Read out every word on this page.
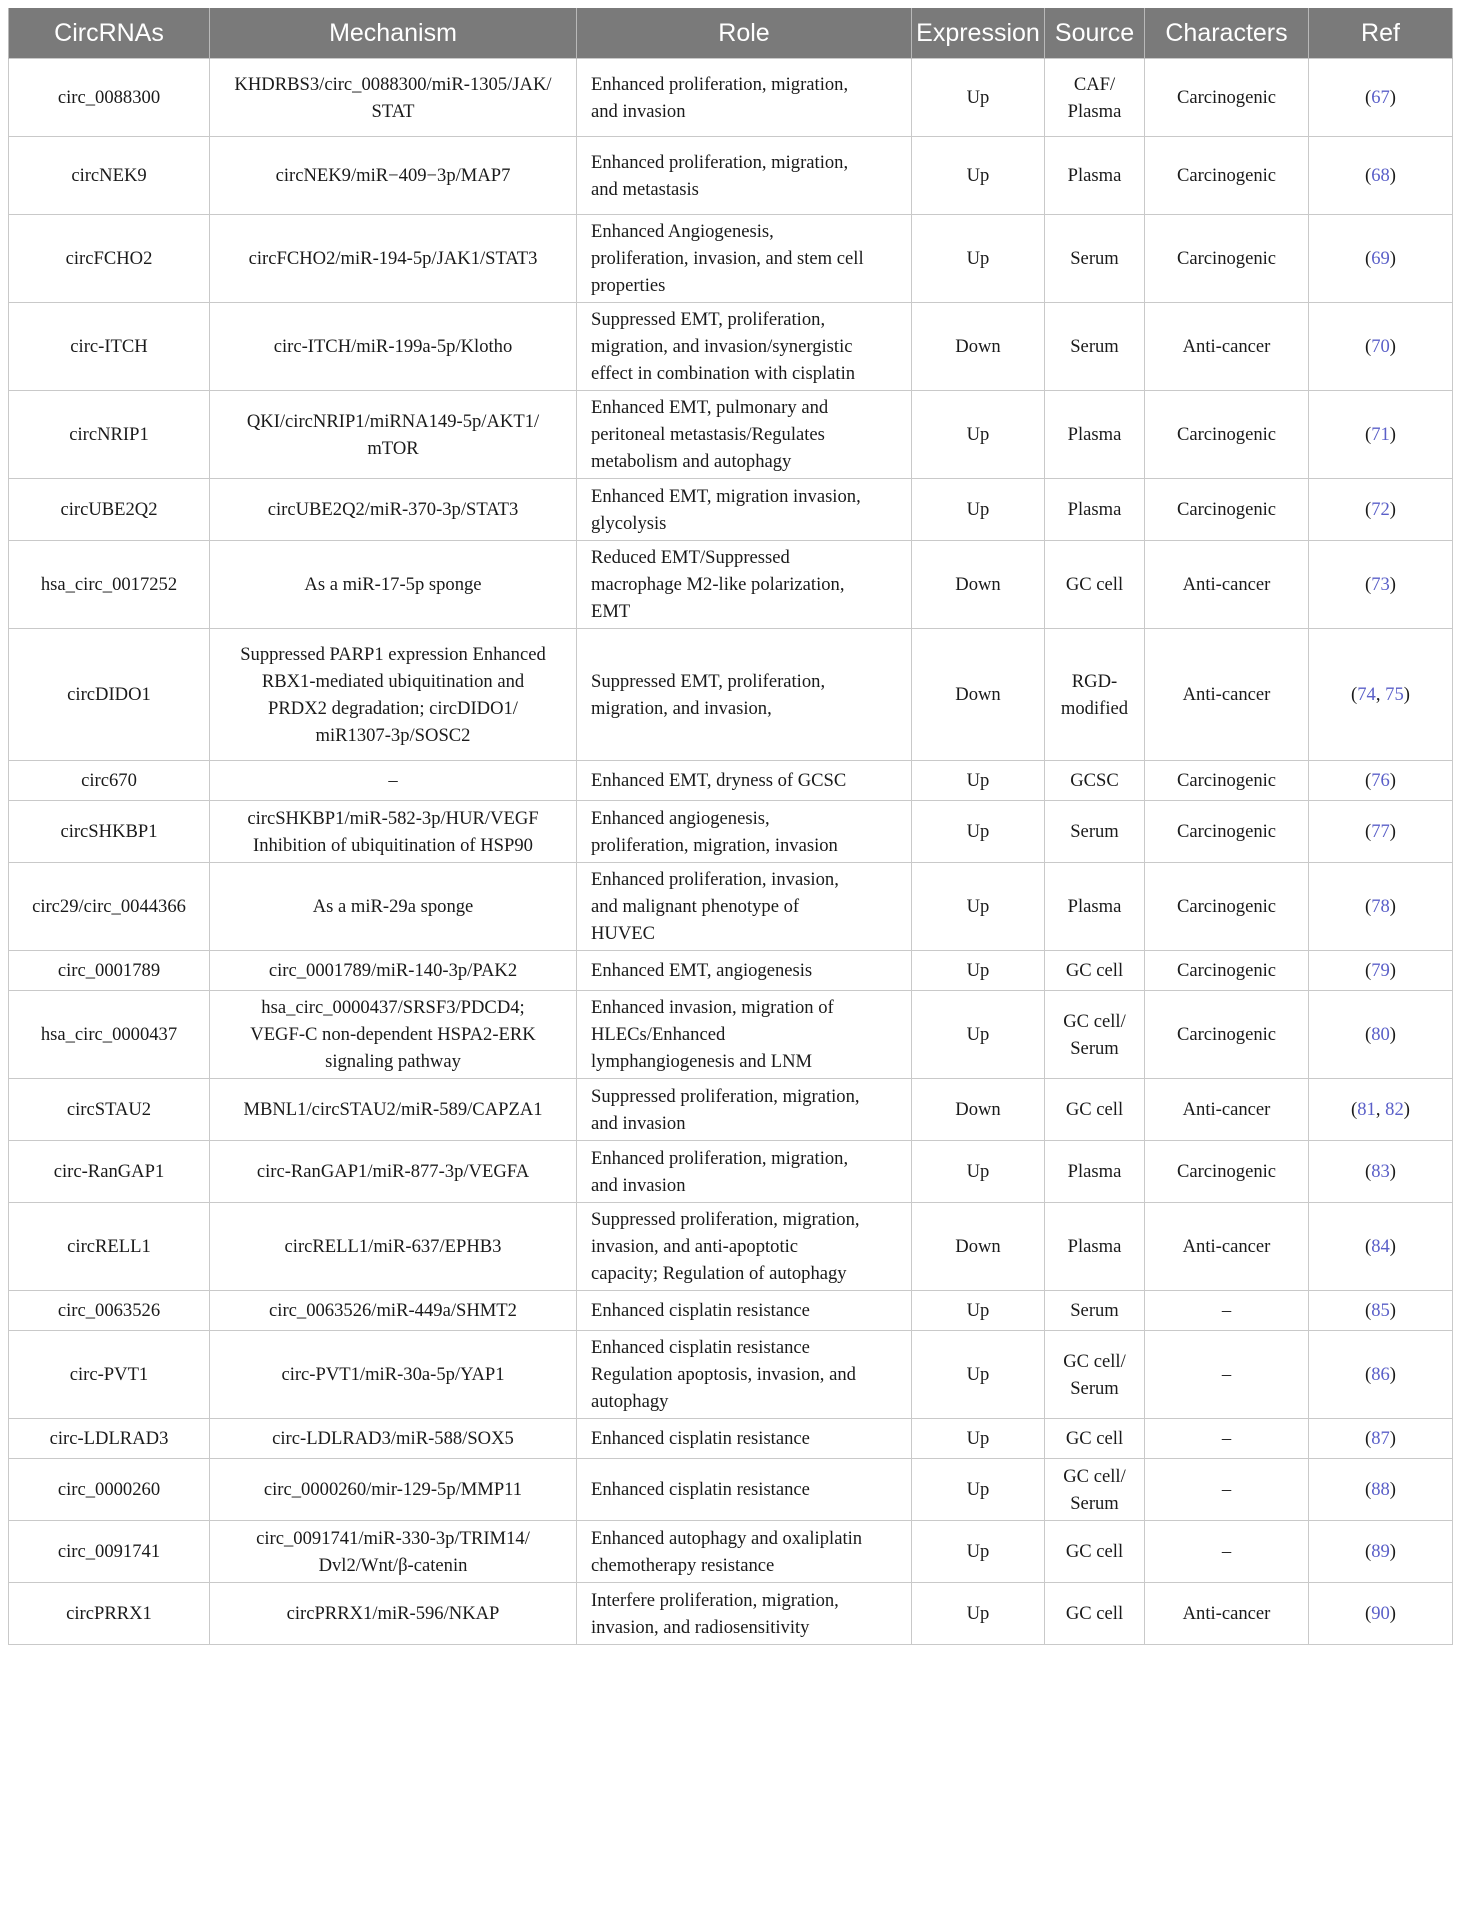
CircRNAs	Mechanism	Role	Expression	Source	Characters	Ref
circ_0088300	KHDRBS3/circ_0088300/miR-1305/JAK/
STAT	Enhanced proliferation, migration,
and invasion	Up	CAF/
Plasma	Carcinogenic	(67)
circNEK9	circNEK9/miR−409−3p/MAP7	Enhanced proliferation, migration,
and metastasis	Up	Plasma	Carcinogenic	(68)
circFCHO2	circFCHO2/miR-194-5p/JAK1/STAT3	Enhanced Angiogenesis,
proliferation, invasion, and stem cell
properties	Up	Serum	Carcinogenic	(69)
circ-ITCH	circ-ITCH/miR-199a-5p/Klotho	Suppressed EMT, proliferation,
migration, and invasion/synergistic
effect in combination with cisplatin	Down	Serum	Anti-cancer	(70)
circNRIP1	QKI/circNRIP1/miRNA149-5p/AKT1/
mTOR	Enhanced EMT, pulmonary and
peritoneal metastasis/Regulates
metabolism and autophagy	Up	Plasma	Carcinogenic	(71)
circUBE2Q2	circUBE2Q2/miR-370-3p/STAT3	Enhanced EMT, migration invasion,
glycolysis	Up	Plasma	Carcinogenic	(72)
hsa_circ_0017252	As a miR-17-5p sponge	Reduced EMT/Suppressed
macrophage M2-like polarization,
EMT	Down	GC cell	Anti-cancer	(73)
circDIDO1	Suppressed PARP1 expression Enhanced
RBX1-mediated ubiquitination and
PRDX2 degradation; circDIDO1/
miR1307-3p/SOSC2	Suppressed EMT, proliferation,
migration, and invasion,	Down	RGD-
modified	Anti-cancer	(74, 75)
circ670	–	Enhanced EMT, dryness of GCSC	Up	GCSC	Carcinogenic	(76)
circSHKBP1	circSHKBP1/miR-582-3p/HUR/VEGF
Inhibition of ubiquitination of HSP90	Enhanced angiogenesis,
proliferation, migration, invasion	Up	Serum	Carcinogenic	(77)
circ29/circ_0044366	As a miR-29a sponge	Enhanced proliferation, invasion,
and malignant phenotype of
HUVEC	Up	Plasma	Carcinogenic	(78)
circ_0001789	circ_0001789/miR-140-3p/PAK2	Enhanced EMT, angiogenesis	Up	GC cell	Carcinogenic	(79)
hsa_circ_0000437	hsa_circ_0000437/SRSF3/PDCD4;
VEGF-C non-dependent HSPA2-ERK
signaling pathway	Enhanced invasion, migration of
HLECs/Enhanced
lymphangiogenesis and LNM	Up	GC cell/
Serum	Carcinogenic	(80)
circSTAU2	MBNL1/circSTAU2/miR-589/CAPZA1	Suppressed proliferation, migration,
and invasion	Down	GC cell	Anti-cancer	(81, 82)
circ-RanGAP1	circ-RanGAP1/miR-877-3p/VEGFA	Enhanced proliferation, migration,
and invasion	Up	Plasma	Carcinogenic	(83)
circRELL1	circRELL1/miR-637/EPHB3	Suppressed proliferation, migration,
invasion, and anti-apoptotic
capacity; Regulation of autophagy	Down	Plasma	Anti-cancer	(84)
circ_0063526	circ_0063526/miR-449a/SHMT2	Enhanced cisplatin resistance	Up	Serum	–	(85)
circ-PVT1	circ-PVT1/miR-30a-5p/YAP1	Enhanced cisplatin resistance
Regulation apoptosis, invasion, and
autophagy	Up	GC cell/
Serum	–	(86)
circ-LDLRAD3	circ-LDLRAD3/miR-588/SOX5	Enhanced cisplatin resistance	Up	GC cell	–	(87)
circ_0000260	circ_0000260/mir-129-5p/MMP11	Enhanced cisplatin resistance	Up	GC cell/
Serum	–	(88)
circ_0091741	circ_0091741/miR-330-3p/TRIM14/
Dvl2/Wnt/β-catenin	Enhanced autophagy and oxaliplatin
chemotherapy resistance	Up	GC cell	–	(89)
circPRRX1	circPRRX1/miR-596/NKAP	Interfere proliferation, migration,
invasion, and radiosensitivity	Up	GC cell	Anti-cancer	(90)
